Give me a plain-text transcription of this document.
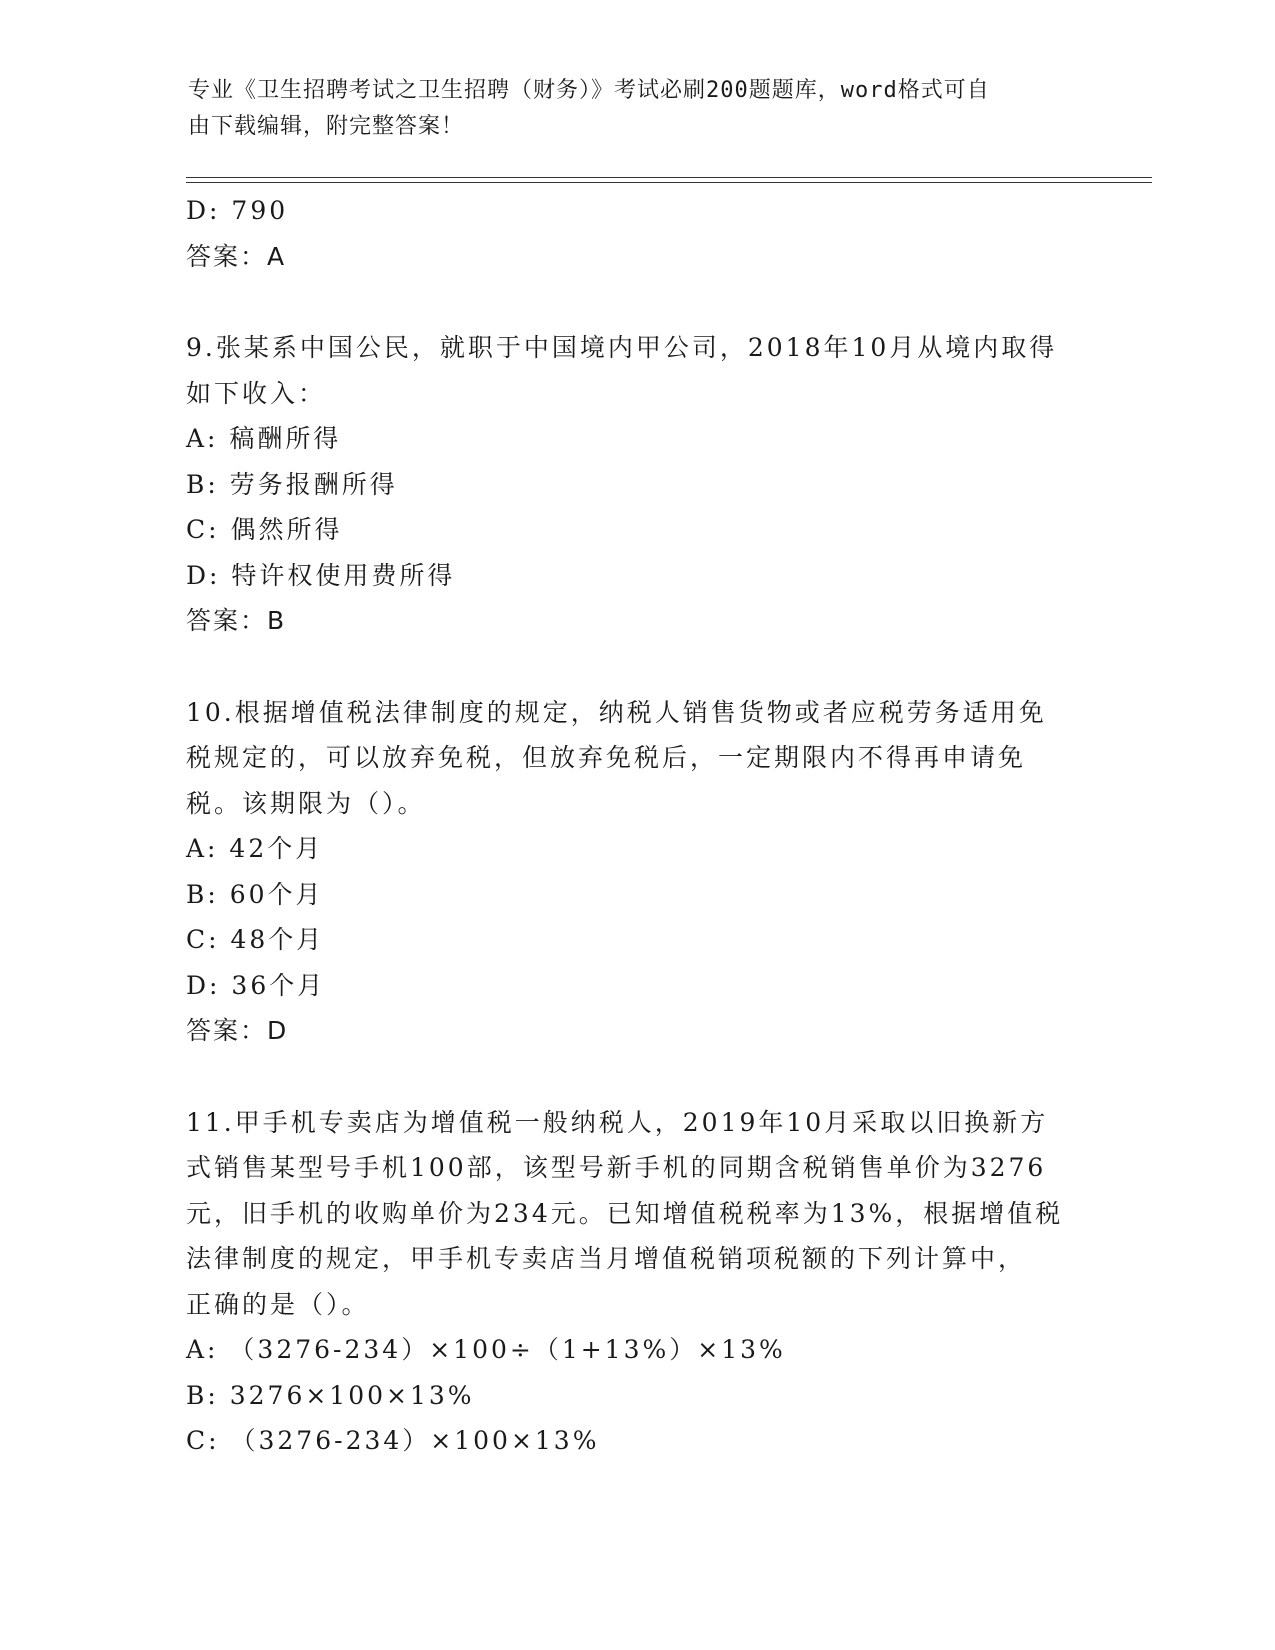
专业《卫生招聘考试之卫生招聘（财务）》考试必刷200题题库，word格式可自
由下载编辑，附完整答案！
D: 790
答案：A
9.张某系中国公民，就职于中国境内甲公司，2018年10月从境内取得
如下收入：
A: 稿酬所得
B: 劳务报酬所得
C: 偶然所得
D: 特许权使用费所得
答案：B
10.根据增值税法律制度的规定，纳税人销售货物或者应税劳务适用免
税规定的，可以放弃免税，但放弃免税后，一定期限内不得再申请免
税。该期限为（）。
A: 42个月
B: 60个月
C: 48个月
D: 36个月
答案：D
11.甲手机专卖店为增值税一般纳税人，2019年10月采取以旧换新方
式销售某型号手机100部，该型号新手机的同期含税销售单价为3276
元，旧手机的收购单价为234元。已知增值税税率为13%，根据增值税
法律制度的规定，甲手机专卖店当月增值税销项税额的下列计算中，
正确的是（）。
A: （3276-234）×100÷（1+13%）×13%
B: 3276×100×13%
C: （3276-234）×100×13%
